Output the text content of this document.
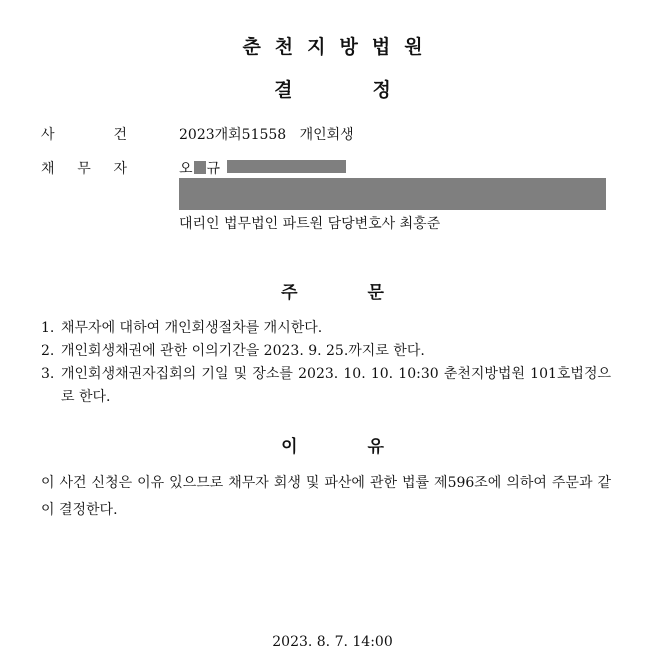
춘천지방법원
결정
사	건	2023개회51558   개인회생
채 무 자	오 규
대리인 법무법인 파트원 담당변호사 최홍준
주문
1. 채무자에 대하여 개인회생절차를 개시한다.
2. 개인회생채권에 관한 이의기간을 2023. 9. 25.까지로 한다.
3. 개인회생채권자집회의 기일 및 장소를 2023. 10. 10. 10:30 춘천지방법원 101호법정으로 한다.
이유
이 사건 신청은 이유 있으므로 채무자 회생 및 파산에 관한 법률 제596조에 의하여 주문과 같이 결정한다.
2023. 8. 7. 14:00
